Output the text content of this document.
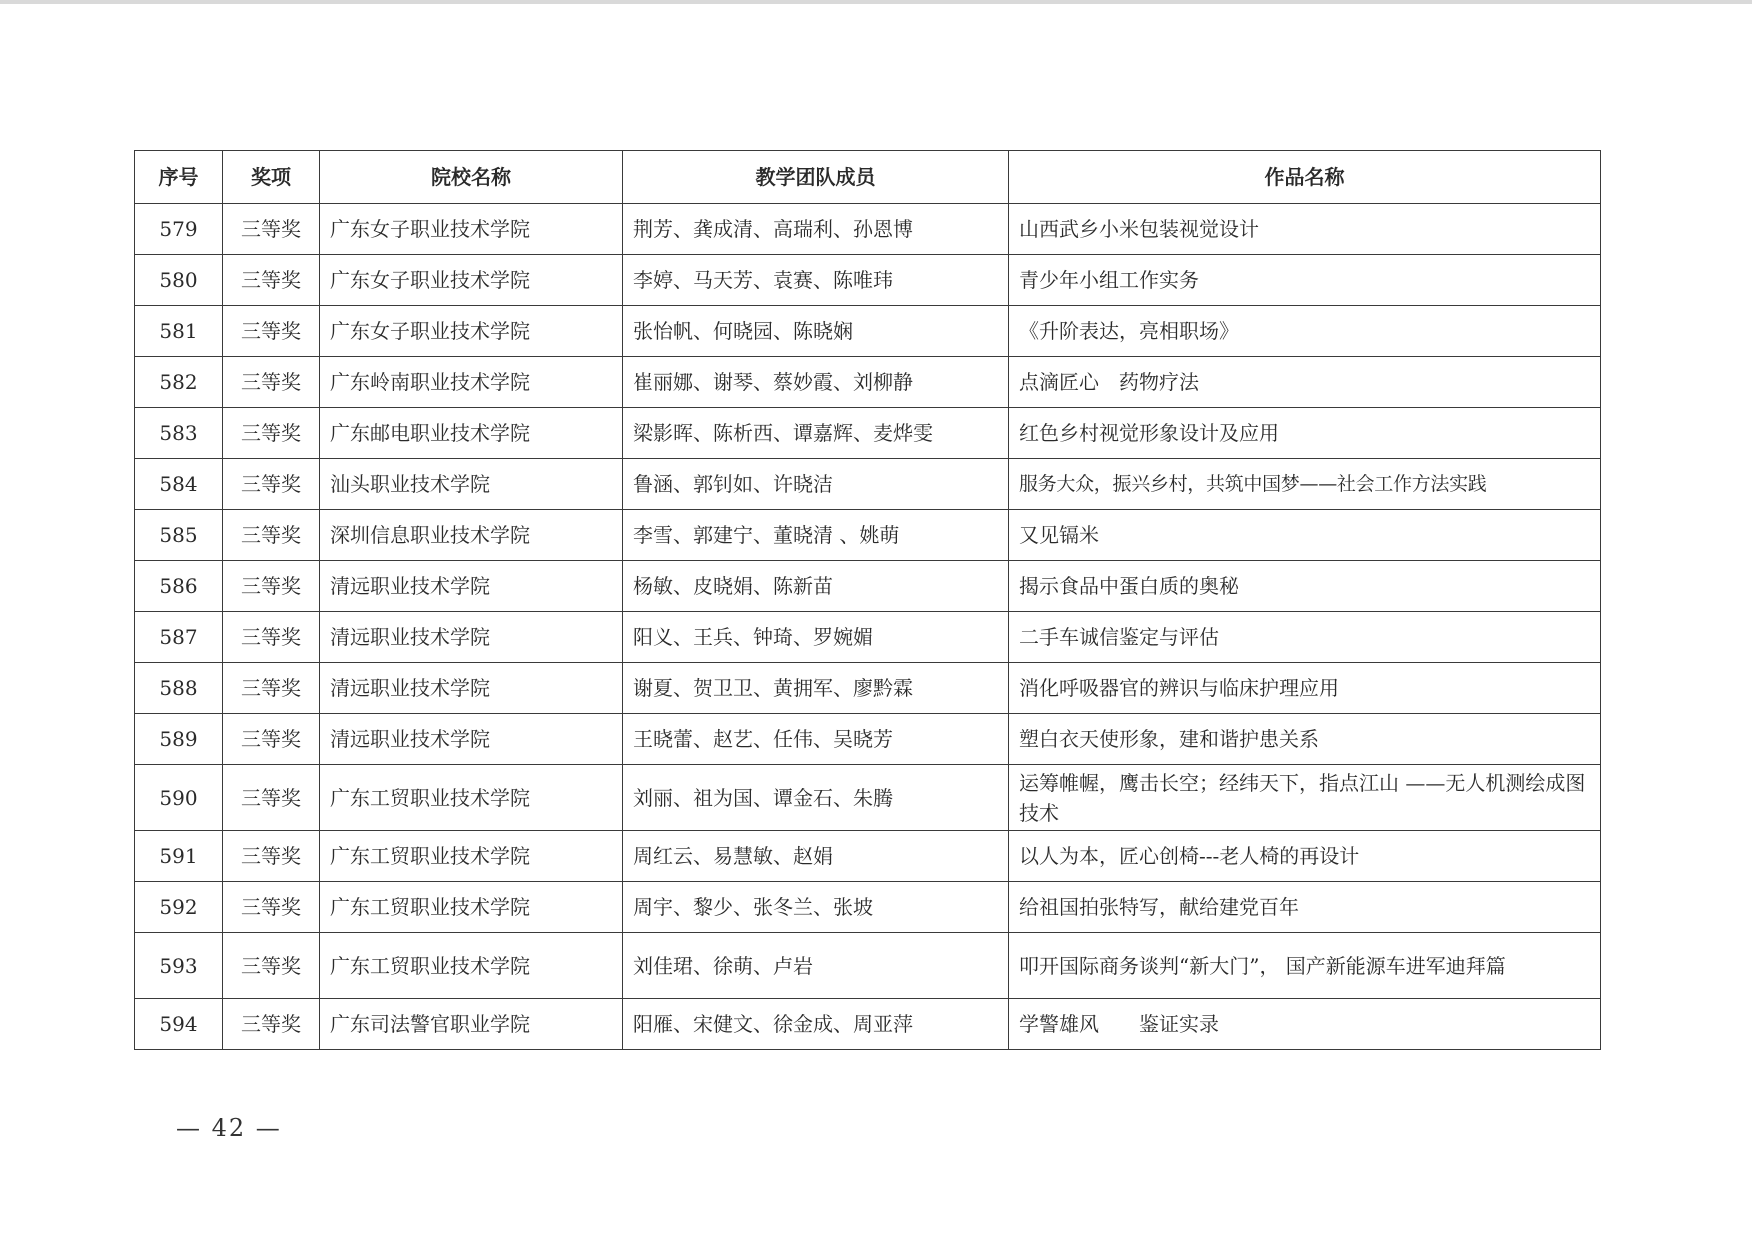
序号	奖项	院校名称	教学团队成员	作品名称
579	三等奖	广东女子职业技术学院	荆芳、龚成清、高瑞利、孙恩博	山西武乡小米包装视觉设计
580	三等奖	广东女子职业技术学院	李婷、马天芳、袁赛、陈唯玮	青少年小组工作实务
581	三等奖	广东女子职业技术学院	张怡帆、何晓园、陈晓娴	《升阶表达，亮相职场》
582	三等奖	广东岭南职业技术学院	崔丽娜、谢琴、蔡妙霞、刘柳静	点滴匠心　药物疗法
583	三等奖	广东邮电职业技术学院	梁影晖、陈析西、谭嘉辉、麦烨雯	红色乡村视觉形象设计及应用
584	三等奖	汕头职业技术学院	鲁涵、郭钊如、许晓洁	服务大众，振兴乡村，共筑中国梦——社会工作方法实践
585	三等奖	深圳信息职业技术学院	李雪、郭建宁、董晓清 、姚萌	又见镉米
586	三等奖	清远职业技术学院	杨敏、皮晓娟、陈新苗	揭示食品中蛋白质的奥秘
587	三等奖	清远职业技术学院	阳义、王兵、钟琦、罗婉媚	二手车诚信鉴定与评估
588	三等奖	清远职业技术学院	谢夏、贺卫卫、黄拥军、廖黔霖	消化呼吸器官的辨识与临床护理应用
589	三等奖	清远职业技术学院	王晓蕾、赵艺、任伟、吴晓芳	塑白衣天使形象，建和谐护患关系
590	三等奖	广东工贸职业技术学院	刘丽、祖为国、谭金石、朱腾	运筹帷幄，鹰击长空；经纬天下，指点江山 ——无人机测绘成图技术
591	三等奖	广东工贸职业技术学院	周红云、易慧敏、赵娟	以人为本，匠心创椅---老人椅的再设计
592	三等奖	广东工贸职业技术学院	周宇、黎少、张冬兰、张坡	给祖国拍张特写，献给建党百年
593	三等奖	广东工贸职业技术学院	刘佳珺、徐萌、卢岩	叩开国际商务谈判“新大门”， 国产新能源车进军迪拜篇
594	三等奖	广东司法警官职业学院	阳雁、宋健文、徐金成、周亚萍	学警雄风　　鉴证实录
— 42 —
